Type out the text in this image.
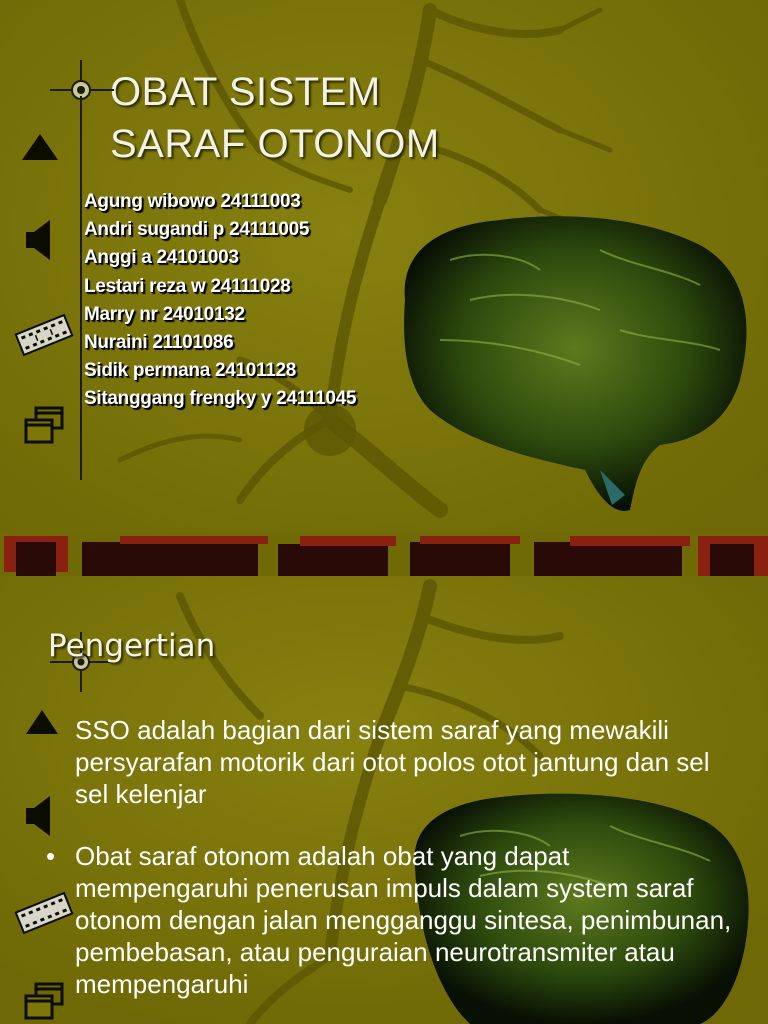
OBAT SISTEM
SARAF OTONOM
Agung wibowo 24111003
Andri sugandi p 24111005
Anggi a 24101003
Lestari reza w 24111028
Marry nr 24010132
Nuraini 21101086
Sidik permana 24101128
Sitanggang frengky y 24111045
Pengertian
SSO adalah bagian dari sistem saraf yang mewakili persyarafan motorik dari otot polos otot jantung dan sel sel kelenjar
• Obat saraf otonom adalah obat yang dapat mempengaruhi penerusan impuls dalam system saraf otonom dengan jalan mengganggu sintesa, penimbunan, pembebasan, atau penguraian neurotransmiter atau mempengaruhi
